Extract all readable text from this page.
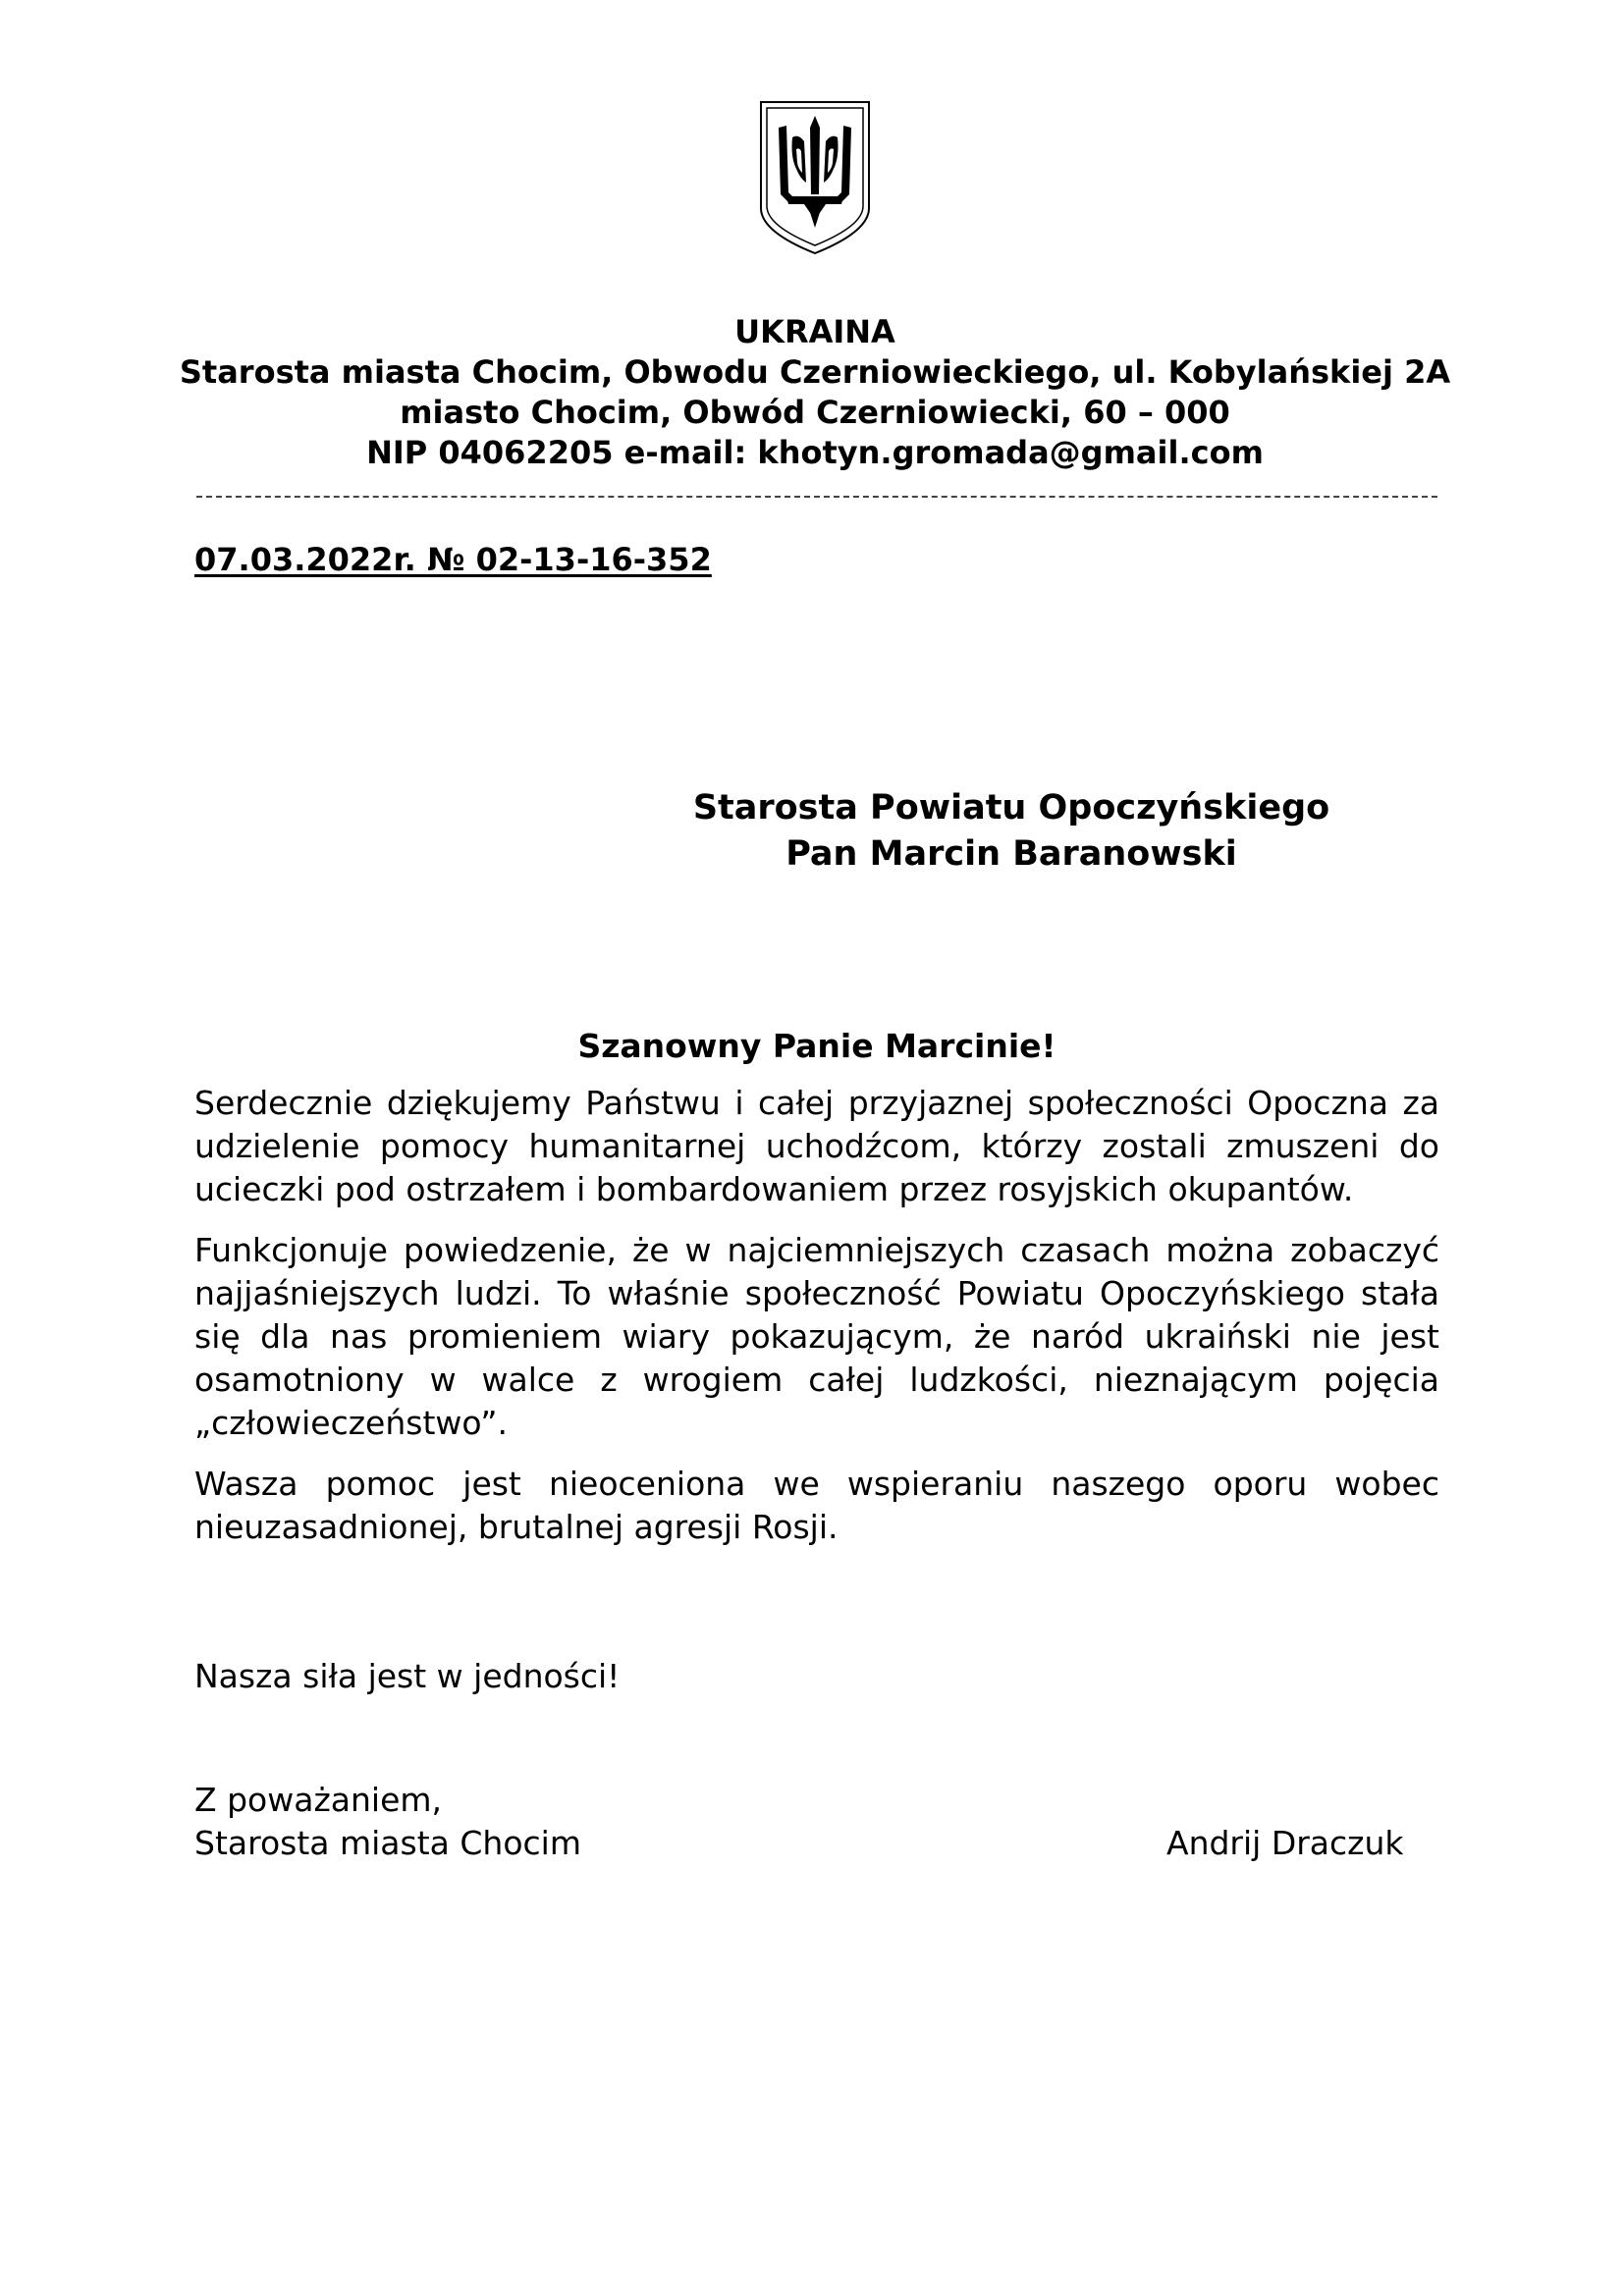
UKRAINA
Starosta miasta Chocim, Obwodu Czerniowieckiego, ul. Kobylańskiej 2A
miasto Chocim, Obwód Czerniowiecki, 60 – 000
NIP 04062205 e-mail: khotyn.gromada@gmail.com
07.03.2022r. № 02-13-16-352
Starosta Powiatu Opoczyńskiego
Pan Marcin Baranowski
Szanowny Panie Marcinie!

Serdecznie dziękujemy Państwu i całej przyjaznej społeczności Opoczna za udzielenie pomocy humanitarnej uchodźcom, którzy zostali zmuszeni do ucieczki pod ostrzałem i bombardowaniem przez rosyjskich okupantów.

Funkcjonuje powiedzenie, że w najciemniejszych czasach można zobaczyć najjaśniejszych ludzi. To właśnie społeczność Powiatu Opoczyńskiego stała się dla nas promieniem wiary pokazującym, że naród ukraiński nie jest osamotniony w walce z wrogiem całej ludzkości, nieznającym pojęcia „człowieczeństwo”.

Wasza pomoc jest nieoceniona we wspieraniu naszego oporu wobec nieuzasadnionej, brutalnej agresji Rosji.

Nasza siła jest w jedności!
Z poważaniem,
Starosta miasta Chocim	Andrij Draczuk
